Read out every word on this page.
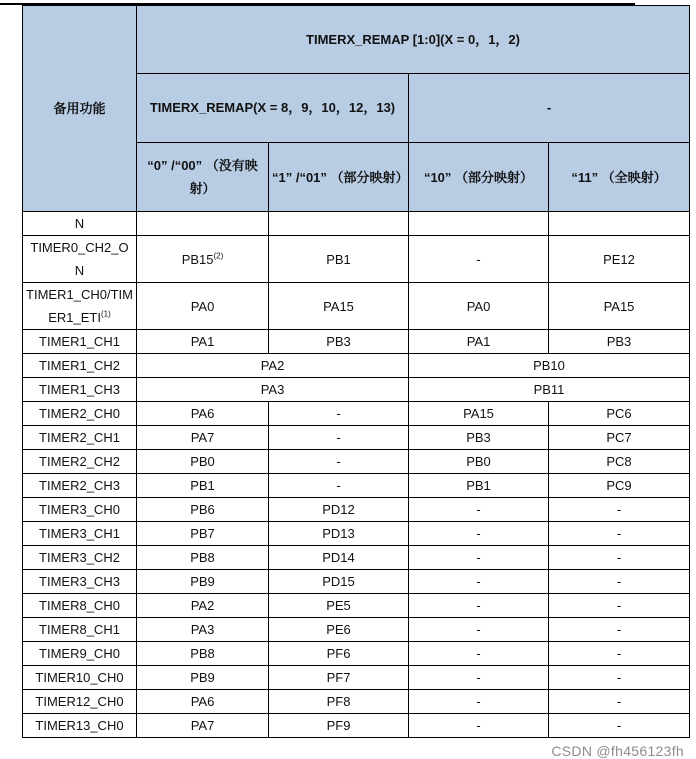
备用功能	TIMERX_REMAP [1:0](X = 0，1，2)			
	TIMERX_REMAP(X = 8，9，10，12，13)		-	
	“0” /“00” （没有映射）	“1” /“01” （部分映射）	“10” （部分映射）	“11” （全映射）
N				
TIMER0_CH2_ON	PB15$^{(2)}$	PB1	-	PE12
TIMER1_CH0/TIMER1_ETI$^{(1)}$	PA0	PA15	PA0	PA15
TIMER1_CH1	PA1	PB3	PA1	PB3
TIMER1_CH2	PA2		PB10	
TIMER1_CH3	PA3		PB11	
TIMER2_CH0	PA6	-	PA15	PC6
TIMER2_CH1	PA7	-	PB3	PC7
TIMER2_CH2	PB0	-	PB0	PC8
TIMER2_CH3	PB1	-	PB1	PC9
TIMER3_CH0	PB6	PD12	-	-
TIMER3_CH1	PB7	PD13	-	-
TIMER3_CH2	PB8	PD14	-	-
TIMER3_CH3	PB9	PD15	-	-
TIMER8_CH0	PA2	PE5	-	-
TIMER8_CH1	PA3	PE6	-	-
TIMER9_CH0	PB8	PF6	-	-
TIMER10_CH0	PB9	PF7	-	-
TIMER12_CH0	PA6	PF8	-	-
TIMER13_CH0	PA7	PF9	-	-
CSDN @fh456123fh
